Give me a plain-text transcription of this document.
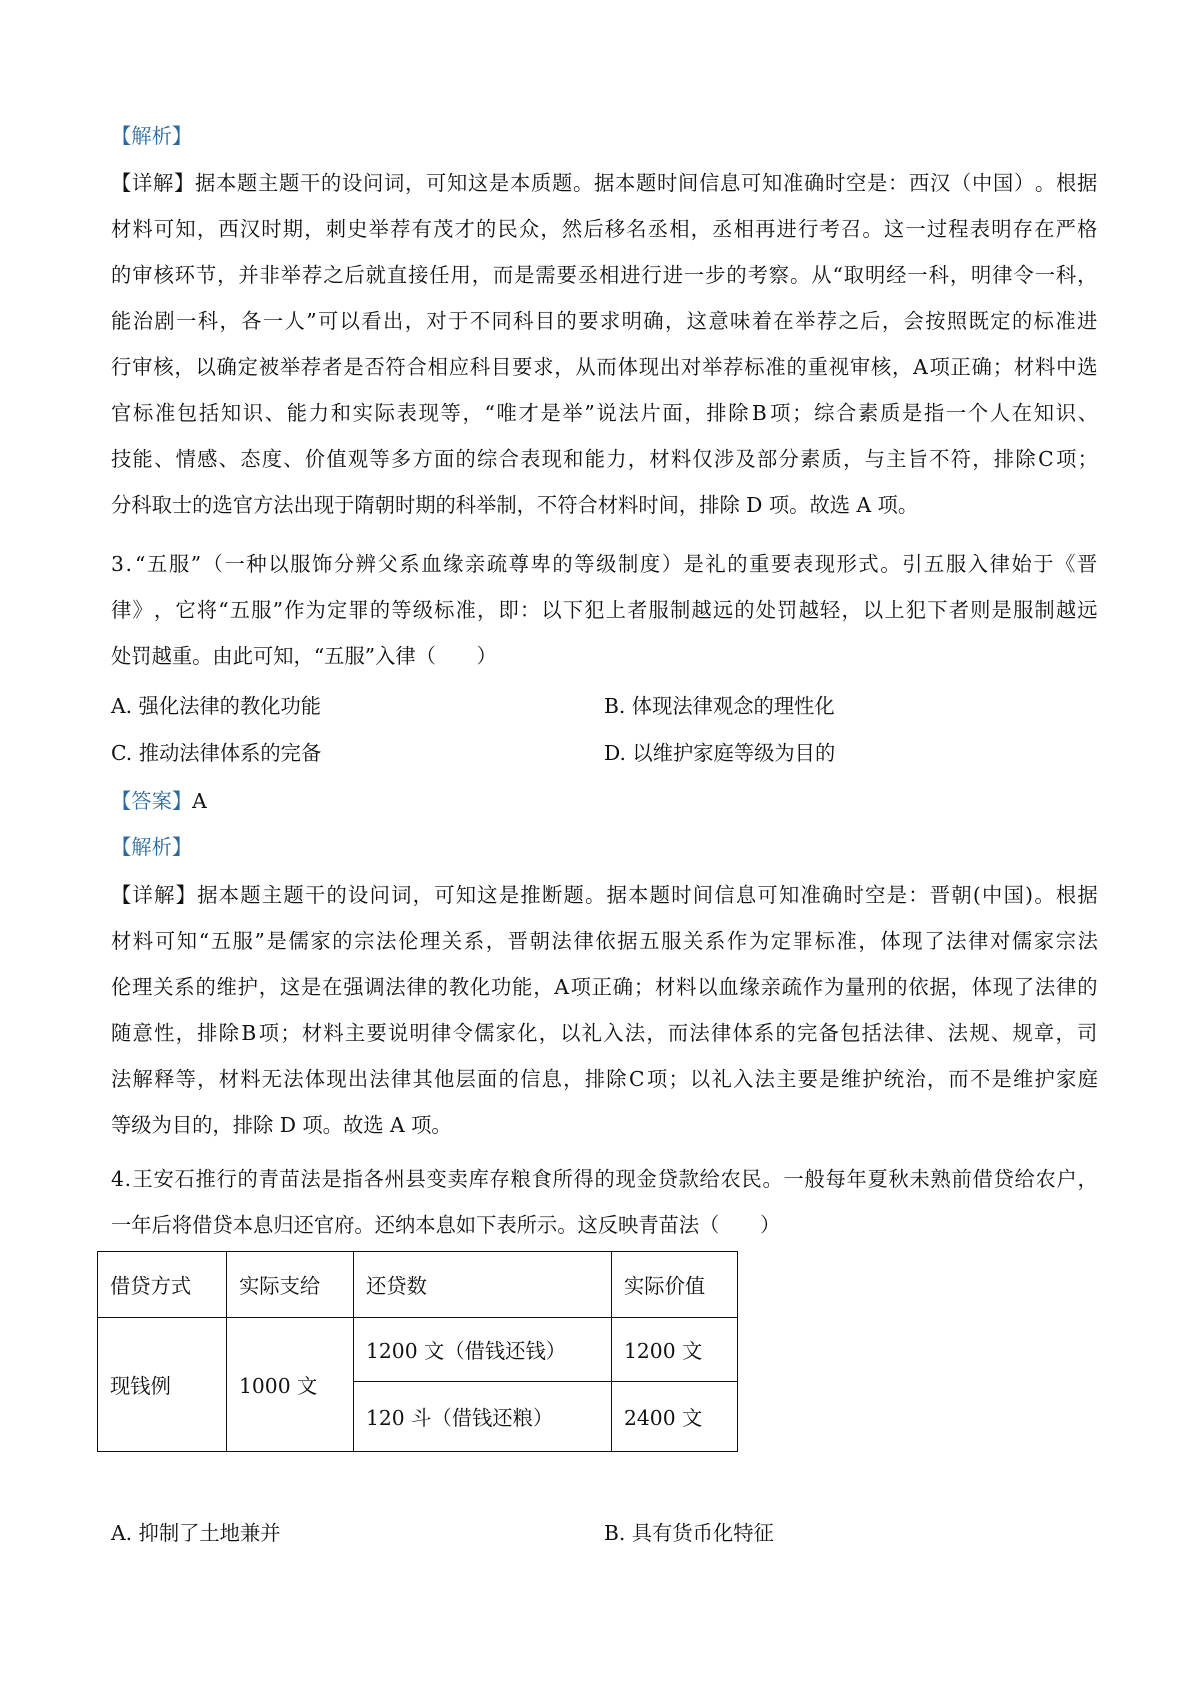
【解析】
【 详 解 】 据 本 题 主 题 干 的 设 问 词 ， 可 知 这 是 本 质 题 。 据 本 题 时 间 信 息 可 知 准 确 时 空 是 ： 西 汉 （ 中 国 ） 。 根 据
材 料 可 知 ， 西 汉 时 期 ， 刺 史 举 荐 有 茂 才 的 民 众 ， 然 后 移 名 丞 相 ， 丞 相 再 进 行 考 召 。 这 一 过 程 表 明 存 在 严 格
的 审 核 环 节 ， 并 非 举 荐 之 后 就 直 接 任 用 ， 而 是 需 要 丞 相 进 行 进 一 步 的 考 察 。 从 “ 取 明 经 一 科 ， 明 律 令 一 科 ，
能 治 剧 一 科 ， 各 一 人 ” 可 以 看 出 ， 对 于 不 同 科 目 的 要 求 明 确 ， 这 意 味 着 在 举 荐 之 后 ， 会 按 照 既 定 的 标 准 进
行 审 核 ， 以 确 定 被 举 荐 者 是 否 符 合 相 应 科 目 要 求 ， 从 而 体 现 出 对 举 荐 标 准 的 重 视 审 核 ， A 项 正 确 ； 材 料 中 选
官 标 准 包 括 知 识 、 能 力 和 实 际 表 现 等 ， “ 唯 才 是 举 ” 说 法 片 面 ， 排 除 B 项 ； 综 合 素 质 是 指 一 个 人 在 知 识 、
技 能 、 情 感 、 态 度 、 价 值 观 等 多 方 面 的 综 合 表 现 和 能 力 ， 材 料 仅 涉 及 部 分 素 质 ， 与 主 旨 不 符 ， 排 除 C 项 ；
分科取士的选官方法出现于隋朝时期的科举制，不符合材料时间，排除 D 项。故选 A 项。
3 . “ 五 服 ” （ 一 种 以 服 饰 分 辨 父 系 血 缘 亲 疏 尊 卑 的 等 级 制 度 ） 是 礼 的 重 要 表 现 形 式 。 引 五 服 入 律 始 于 《 晋
律 》 ， 它 将 “ 五 服 ” 作 为 定 罪 的 等 级 标 准 ， 即 ： 以 下 犯 上 者 服 制 越 远 的 处 罚 越 轻 ， 以 上 犯 下 者 则 是 服 制 越 远
处罚越重。由此可知，“五服”入律（　　）
A. 强化法律的教化功能	B. 体现法律观念的理性化
C. 推动法律体系的完备	D. 以维护家庭等级为目的
【答案】A
【解析】
【 详 解 】 据 本 题 主 题 干 的 设 问 词 ， 可 知 这 是 推 断 题 。 据 本 题 时 间 信 息 可 知 准 确 时 空 是 ： 晋 朝 ( 中 国 ) 。 根 据
材 料 可 知 “ 五 服 ” 是 儒 家 的 宗 法 伦 理 关 系 ， 晋 朝 法 律 依 据 五 服 关 系 作 为 定 罪 标 准 ， 体 现 了 法 律 对 儒 家 宗 法
伦 理 关 系 的 维 护 ， 这 是 在 强 调 法 律 的 教 化 功 能 ， A 项 正 确 ； 材 料 以 血 缘 亲 疏 作 为 量 刑 的 依 据 ， 体 现 了 法 律 的
随 意 性 ， 排 除 B 项 ； 材 料 主 要 说 明 律 令 儒 家 化 ， 以 礼 入 法 ， 而 法 律 体 系 的 完 备 包 括 法 律 、 法 规 、 规 章 ， 司
法 解 释 等 ， 材 料 无 法 体 现 出 法 律 其 他 层 面 的 信 息 ， 排 除 C 项 ； 以 礼 入 法 主 要 是 维 护 统 治 ， 而 不 是 维 护 家 庭
等级为目的，排除 D 项。故选 A 项。
4 . 王 安 石 推 行 的 青 苗 法 是 指 各 州 县 变 卖 库 存 粮 食 所 得 的 现 金 贷 款 给 农 民 。 一 般 每 年 夏 秋 未 熟 前 借 贷 给 农 户 ，
一年后将借贷本息归还官府。还纳本息如下表所示。这反映青苗法（　　）
借贷方式	实际支给	还贷数	实际价值
现钱例	1000 文	1200 文（借钱还钱）	1200 文
		120 斗（借钱还粮）	2400 文
A. 抑制了土地兼并	B. 具有货币化特征
